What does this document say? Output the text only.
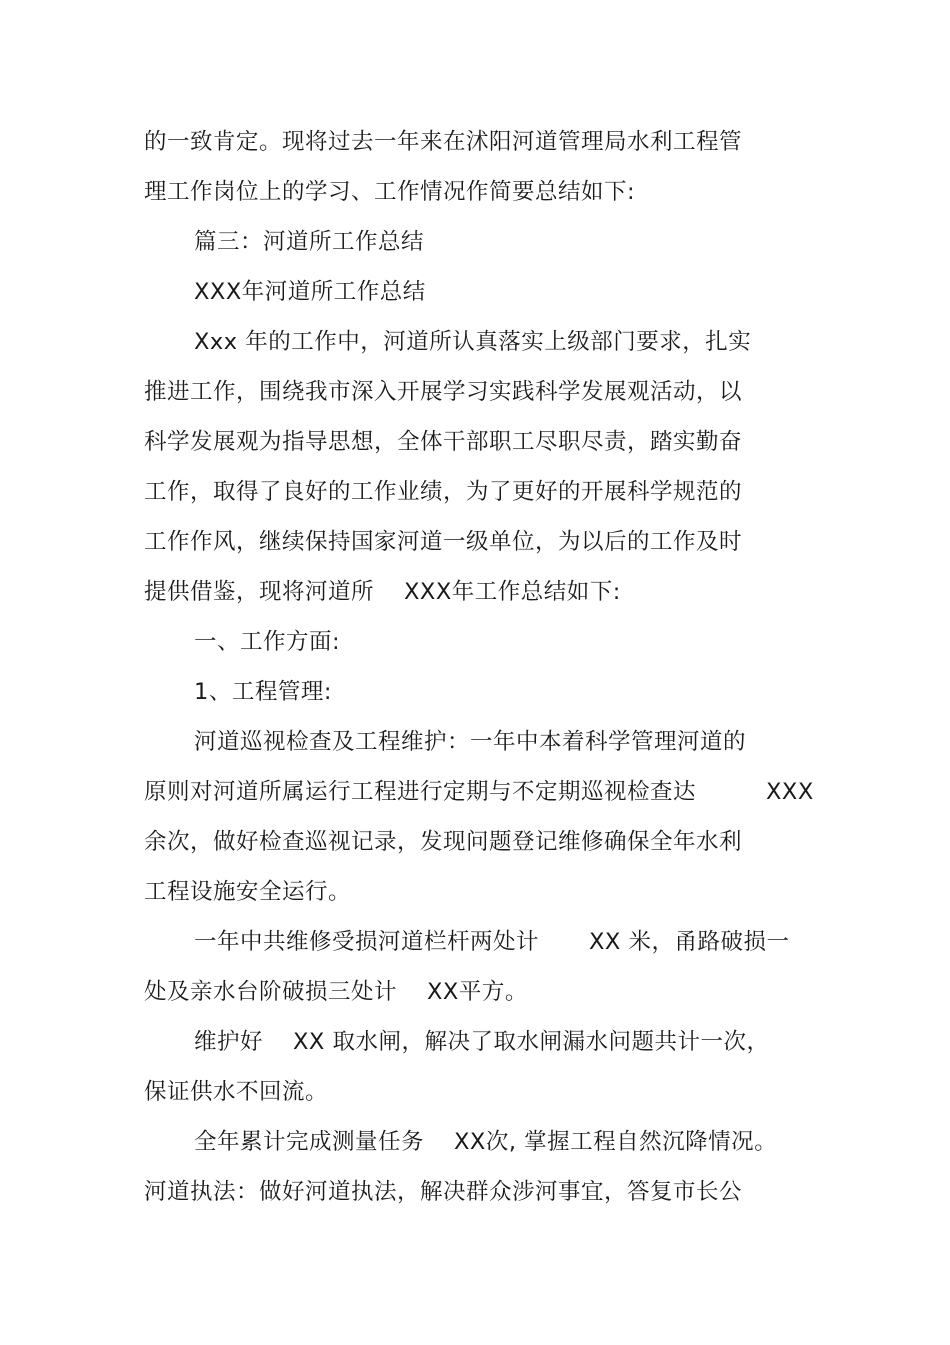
的一致肯定。现将过去一年来在沭阳河道管理局水利工程管
理工作岗位上的学习、工作情况作简要总结如下:
篇三：河道所工作总结
XXX年河道所工作总结
Xxx 年的工作中，河道所认真落实上级部门要求，扎实
推进工作，围绕我市深入开展学习实践科学发展观活动，以
科学发展观为指导思想，全体干部职工尽职尽责，踏实勤奋
工作，取得了良好的工作业绩，为了更好的开展科学规范的
工作作风，继续保持国家河道一级单位，为以后的工作及时
提供借鉴，现将河道所 XXX年工作总结如下:
一、工作方面:
1、工程管理:
河道巡视检查及工程维护：一年中本着科学管理河道的
原则对河道所属运行工程进行定期与不定期巡视检查达	XXX
余次，做好检查巡视记录，发现问题登记维修确保全年水利
工程设施安全运行。
一年中共维修受损河道栏杆两处计 XX 米，甬路破损一
处及亲水台阶破损三处计 XX平方。
维护好 XX 取水闸，解决了取水闸漏水问题共计一次，
保证供水不回流。
全年累计完成测量任务 XX次, 掌握工程自然沉降情况。
河道执法：做好河道执法，解决群众涉河事宜，答复市长公
